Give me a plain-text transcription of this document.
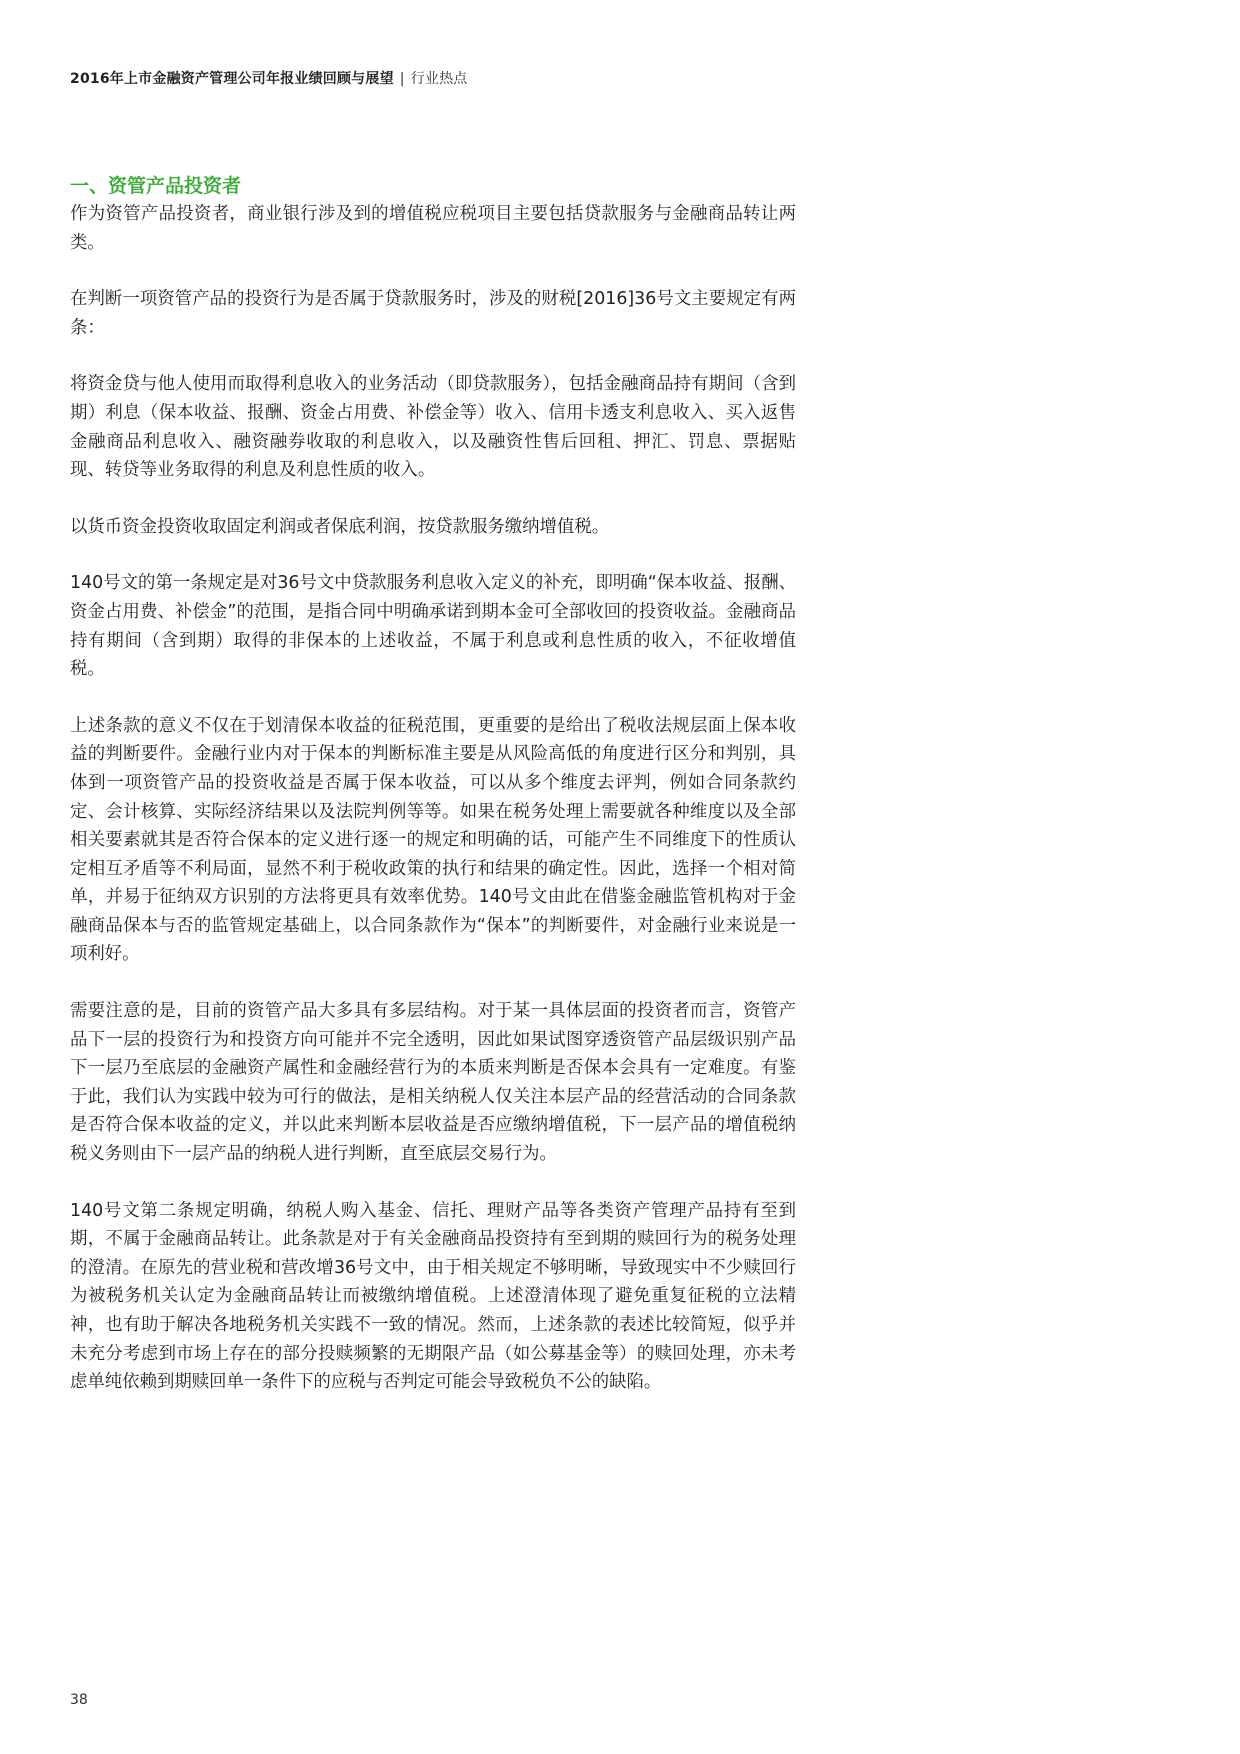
2016年上市金融资产管理公司年报业绩回顾与展望 | 行业热点
一、资管产品投资者

作为资管产品投资者，商业银行涉及到的增值税应税项目主要包括贷款服务与金融商品转让两类。

在判断一项资管产品的投资行为是否属于贷款服务时，涉及的财税[2016]36号文主要规定有两条：

将资金贷与他人使用而取得利息收入的业务活动（即贷款服务），包括金融商品持有期间（含到期）利息（保本收益、报酬、资金占用费、补偿金等）收入、信用卡透支利息收入、买入返售金融商品利息收入、融资融券收取的利息收入，以及融资性售后回租、押汇、罚息、票据贴现、转贷等业务取得的利息及利息性质的收入。

以货币资金投资收取固定利润或者保底利润，按贷款服务缴纳增值税。

140号文的第一条规定是对36号文中贷款服务利息收入定义的补充，即明确“保本收益、报酬、资金占用费、补偿金”的范围，是指合同中明确承诺到期本金可全部收回的投资收益。金融商品持有期间（含到期）取得的非保本的上述收益，不属于利息或利息性质的收入，不征收增值税。

上述条款的意义不仅在于划清保本收益的征税范围，更重要的是给出了税收法规层面上保本收益的判断要件。金融行业内对于保本的判断标准主要是从风险高低的角度进行区分和判别，具体到一项资管产品的投资收益是否属于保本收益，可以从多个维度去评判，例如合同条款约定、会计核算、实际经济结果以及法院判例等等。如果在税务处理上需要就各种维度以及全部相关要素就其是否符合保本的定义进行逐一的规定和明确的话，可能产生不同维度下的性质认定相互矛盾等不利局面，显然不利于税收政策的执行和结果的确定性。因此，选择一个相对简单，并易于征纳双方识别的方法将更具有效率优势。140号文由此在借鉴金融监管机构对于金融商品保本与否的监管规定基础上，以合同条款作为“保本”的判断要件，对金融行业来说是一项利好。

需要注意的是，目前的资管产品大多具有多层结构。对于某一具体层面的投资者而言，资管产品下一层的投资行为和投资方向可能并不完全透明，因此如果试图穿透资管产品层级识别产品下一层乃至底层的金融资产属性和金融经营行为的本质来判断是否保本会具有一定难度。有鉴于此，我们认为实践中较为可行的做法，是相关纳税人仅关注本层产品的经营活动的合同条款是否符合保本收益的定义，并以此来判断本层收益是否应缴纳增值税，下一层产品的增值税纳税义务则由下一层产品的纳税人进行判断，直至底层交易行为。

140号文第二条规定明确，纳税人购入基金、信托、理财产品等各类资产管理产品持有至到期，不属于金融商品转让。此条款是对于有关金融商品投资持有至到期的赎回行为的税务处理的澄清。在原先的营业税和营改增36号文中，由于相关规定不够明晰，导致现实中不少赎回行为被税务机关认定为金融商品转让而被缴纳增值税。上述澄清体现了避免重复征税的立法精神，也有助于解决各地税务机关实践不一致的情况。然而，上述条款的表述比较简短，似乎并未充分考虑到市场上存在的部分投赎频繁的无期限产品（如公募基金等）的赎回处理，亦未考虑单纯依赖到期赎回单一条件下的应税与否判定可能会导致税负不公的缺陷。

38
